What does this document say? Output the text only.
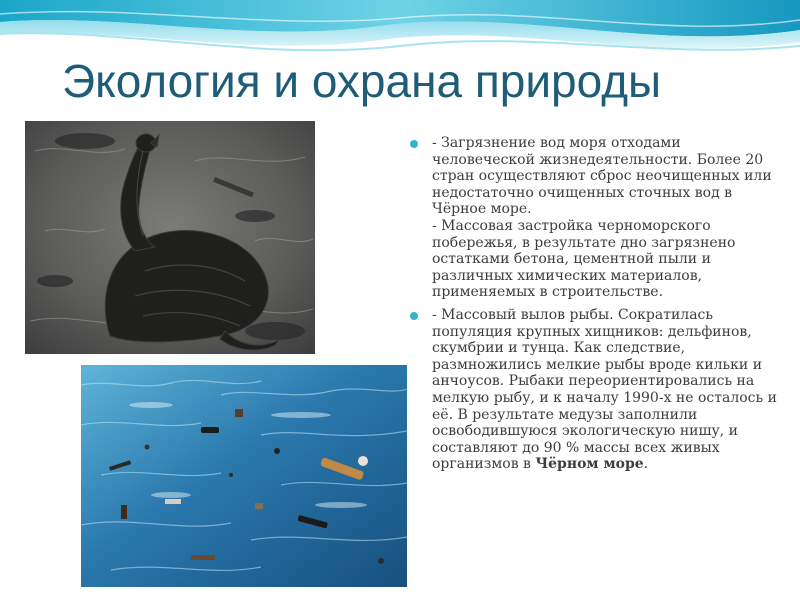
Экология и охрана природы
- Загрязнение вод моря отходами человеческой жизнедеятельности. Более 20 стран осуществляют сброс неочищенных или недостаточно очищенных сточных вод в Чёрное море.
- Массовая застройка черноморского побережья, в результате дно загрязнено остатками бетона, цементной пыли и различных химических материалов, применяемых в строительстве.
- Массовый вылов рыбы. Сократилась популяция крупных хищников: дельфинов, скумбрии и тунца. Как следствие, размножились мелкие рыбы вроде кильки и анчоусов. Рыбаки переориентировались на мелкую рыбу, и к началу 1990-х не осталось и её. В результате медузы заполнили освободившуюся экологическую нишу, и составляют до 90 % массы всех живых организмов в Чёрном море.
